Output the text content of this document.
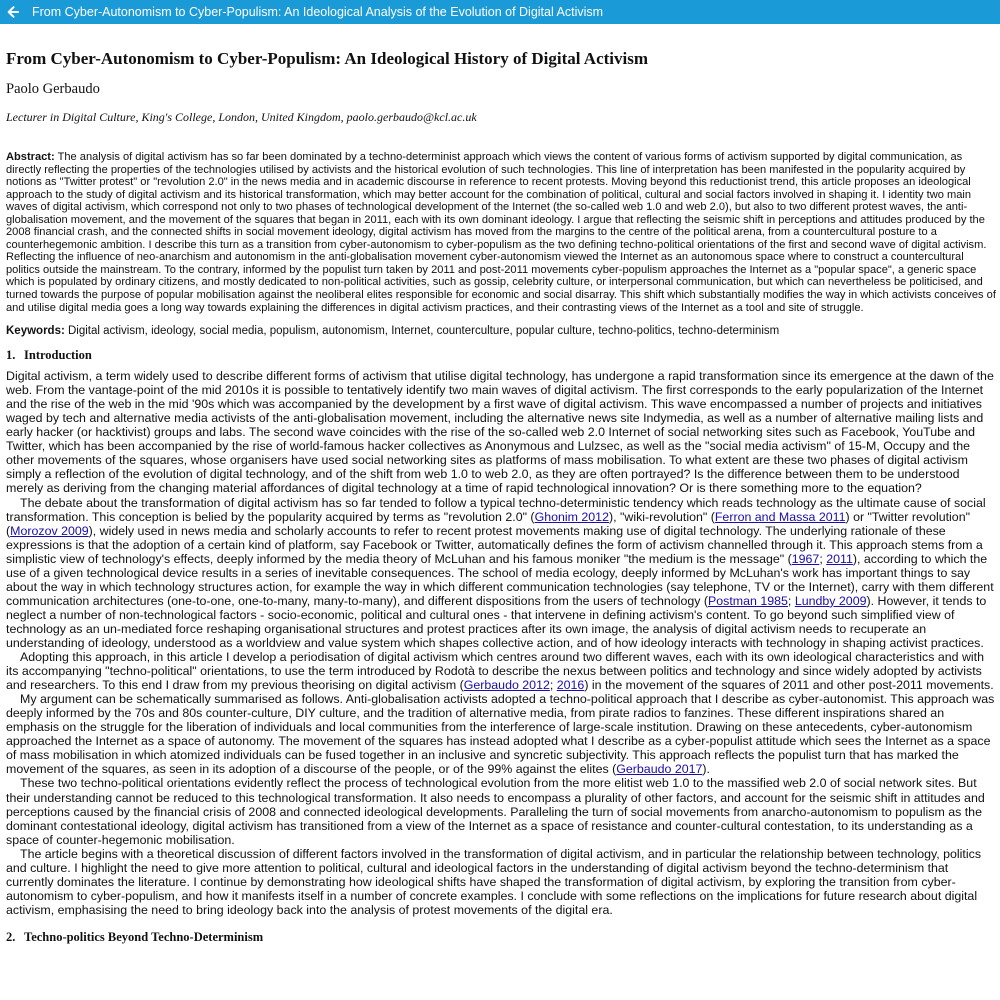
From Cyber-Autonomism to Cyber-Populism: An Ideological Analysis of the Evolution of Digital Activism
From Cyber-Autonomism to Cyber-Populism: An Ideological History of Digital Activism
Paolo Gerbaudo
Lecturer in Digital Culture, King's College, London, United Kingdom, paolo.gerbaudo@kcl.ac.uk

Abstract: The analysis of digital activism has so far been dominated by a techno-determinist approach which views the content of various forms of activism supported by digital communication, as directly reflecting the properties of the technologies utilised by activists and the historical evolution of such technologies. This line of interpretation has been manifested in the popularity acquired by notions as "Twitter protest" or "revolution 2.0" in the news media and in academic discourse in reference to recent protests. Moving beyond this reductionist trend, this article proposes an ideological approach to the study of digital activism and its historical transformation, which may better account for the combination of political, cultural and social factors involved in shaping it. I identity two main waves of digital activism, which correspond not only to two phases of technological development of the Internet (the so-called web 1.0 and web 2.0), but also to two different protest waves, the anti-globalisation movement, and the movement of the squares that began in 2011, each with its own dominant ideology. I argue that reflecting the seismic shift in perceptions and attitudes produced by the 2008 financial crash, and the connected shifts in social movement ideology, digital activism has moved from the margins to the centre of the political arena, from a countercultural posture to a counterhegemonic ambition. I describe this turn as a transition from cyber-autonomism to cyber-populism as the two defining techno-political orientations of the first and second wave of digital activism. Reflecting the influence of neo-anarchism and autonomism in the anti-globalisation movement cyber-autonomism viewed the Internet as an autonomous space where to construct a countercultural politics outside the mainstream. To the contrary, informed by the populist turn taken by 2011 and post-2011 movements cyber-populism approaches the Internet as a "popular space", a generic space which is populated by ordinary citizens, and mostly dedicated to non-political activities, such as gossip, celebrity culture, or interpersonal communication, but which can nevertheless be politicised, and turned towards the purpose of popular mobilisation against the neoliberal elites responsible for economic and social disarray. This shift which substantially modifies the way in which activists conceives of and utilise digital media goes a long way towards explaining the differences in digital activism practices, and their contrasting views of the Internet as a tool and site of struggle.

Keywords: Digital activism, ideology, social media, populism, autonomism, Internet, counterculture, popular culture, techno-politics, techno-determinism

1. Introduction

Digital activism, a term widely used to describe different forms of activism that utilise digital technology, has undergone a rapid transformation since its emergence at the dawn of the web. From the vantage-point of the mid 2010s it is possible to tentatively identify two main waves of digital activism. The first corresponds to the early popularization of the Internet and the rise of the web in the mid '90s which was accompanied by the development by a first wave of digital activism. This wave encompassed a number of projects and initiatives waged by tech and alternative media activists of the anti-globalisation movement, including the alternative news site Indymedia, as well as a number of alternative mailing lists and early hacker (or hacktivist) groups and labs. The second wave coincides with the rise of the so-called web 2.0 Internet of social networking sites such as Facebook, YouTube and Twitter, which has been accompanied by the rise of world-famous hacker collectives as Anonymous and Lulzsec, as well as the "social media activism" of 15-M, Occupy and the other movements of the squares, whose organisers have used social networking sites as platforms of mass mobilisation. To what extent are these two phases of digital activism simply a reflection of the evolution of digital technology, and of the shift from web 1.0 to web 2.0, as they are often portrayed? Is the difference between them to be understood merely as deriving from the changing material affordances of digital technology at a time of rapid technological innovation? Or is there something more to the equation?

The debate about the transformation of digital activism has so far tended to follow a typical techno-deterministic tendency which reads technology as the ultimate cause of social transformation. This conception is belied by the popularity acquired by terms as "revolution 2.0" (Ghonim 2012), "wiki-revolution" (Ferron and Massa 2011) or "Twitter revolution" (Morozov 2009), widely used in news media and scholarly accounts to refer to recent protest movements making use of digital technology. The underlying rationale of these expressions is that the adoption of a certain kind of platform, say Facebook or Twitter, automatically defines the form of activism channelled through it. This approach stems from a simplistic view of technology's effects, deeply informed by the media theory of McLuhan and his famous moniker "the medium is the message" (1967; 2011), according to which the use of a given technological device results in a series of inevitable consequences. The school of media ecology, deeply informed by McLuhan's work has important things to say about the way in which technology structures action, for example the way in which different communication technologies (say telephone, TV or the Internet), carry with them different communication architectures (one-to-one, one-to-many, many-to-many), and different dispositions from the users of technology (Postman 1985; Lundby 2009). However, it tends to neglect a number of non-technological factors - socio-economic, political and cultural ones - that intervene in defining activism's content. To go beyond such simplified view of technology as an un-mediated force reshaping organisational structures and protest practices after its own image, the analysis of digital activism needs to recuperate an understanding of ideology, understood as a worldview and value system which shapes collective action, and of how ideology interacts with technology in shaping activist practices.

Adopting this approach, in this article I develop a periodisation of digital activism which centres around two different waves, each with its own ideological characteristics and with its accompanying "techno-political" orientations, to use the term introduced by Rodotà to describe the nexus between politics and technology and since widely adopted by activists and researchers. To this end I draw from my previous theorising on digital activism (Gerbaudo 2012; 2016) in the movement of the squares of 2011 and other post-2011 movements.

My argument can be schematically summarised as follows. Anti-globalisation activists adopted a techno-political approach that I describe as cyber-autonomist. This approach was deeply informed by the 70s and 80s counter-culture, DIY culture, and the tradition of alternative media, from pirate radios to fanzines. These different inspirations shared an emphasis on the struggle for the liberation of individuals and local communities from the interference of large-scale institution. Drawing on these antecedents, cyber-autonomism approached the Internet as a space of autonomy. The movement of the squares has instead adopted what I describe as a cyber-populist attitude which sees the Internet as a space of mass mobilisation in which atomized individuals can be fused together in an inclusive and syncretic subjectivity. This approach reflects the populist turn that has marked the movement of the squares, as seen in its adoption of a discourse of the people, or of the 99% against the elites (Gerbaudo 2017).

These two techno-political orientations evidently reflect the process of technological evolution from the more elitist web 1.0 to the massified web 2.0 of social network sites. But their understanding cannot be reduced to this technological transformation. It also needs to encompass a plurality of other factors, and account for the seismic shift in attitudes and perceptions caused by the financial crisis of 2008 and connected ideological developments. Paralleling the turn of social movements from anarcho-autonomism to populism as the dominant contestational ideology, digital activism has transitioned from a view of the Internet as a space of resistance and counter-cultural contestation, to its understanding as a space of counter-hegemonic mobilisation.

The article begins with a theoretical discussion of different factors involved in the transformation of digital activism, and in particular the relationship between technology, politics and culture. I highlight the need to give more attention to political, cultural and ideological factors in the understanding of digital activism beyond the techno-determinism that currently dominates the literature. I continue by demonstrating how ideological shifts have shaped the transformation of digital activism, by exploring the transition from cyber-autonomism to cyber-populism, and how it manifests itself in a number of concrete examples. I conclude with some reflections on the implications for future research about digital activism, emphasising the need to bring ideology back into the analysis of protest movements of the digital era.

2. Techno-politics Beyond Techno-Determinism
